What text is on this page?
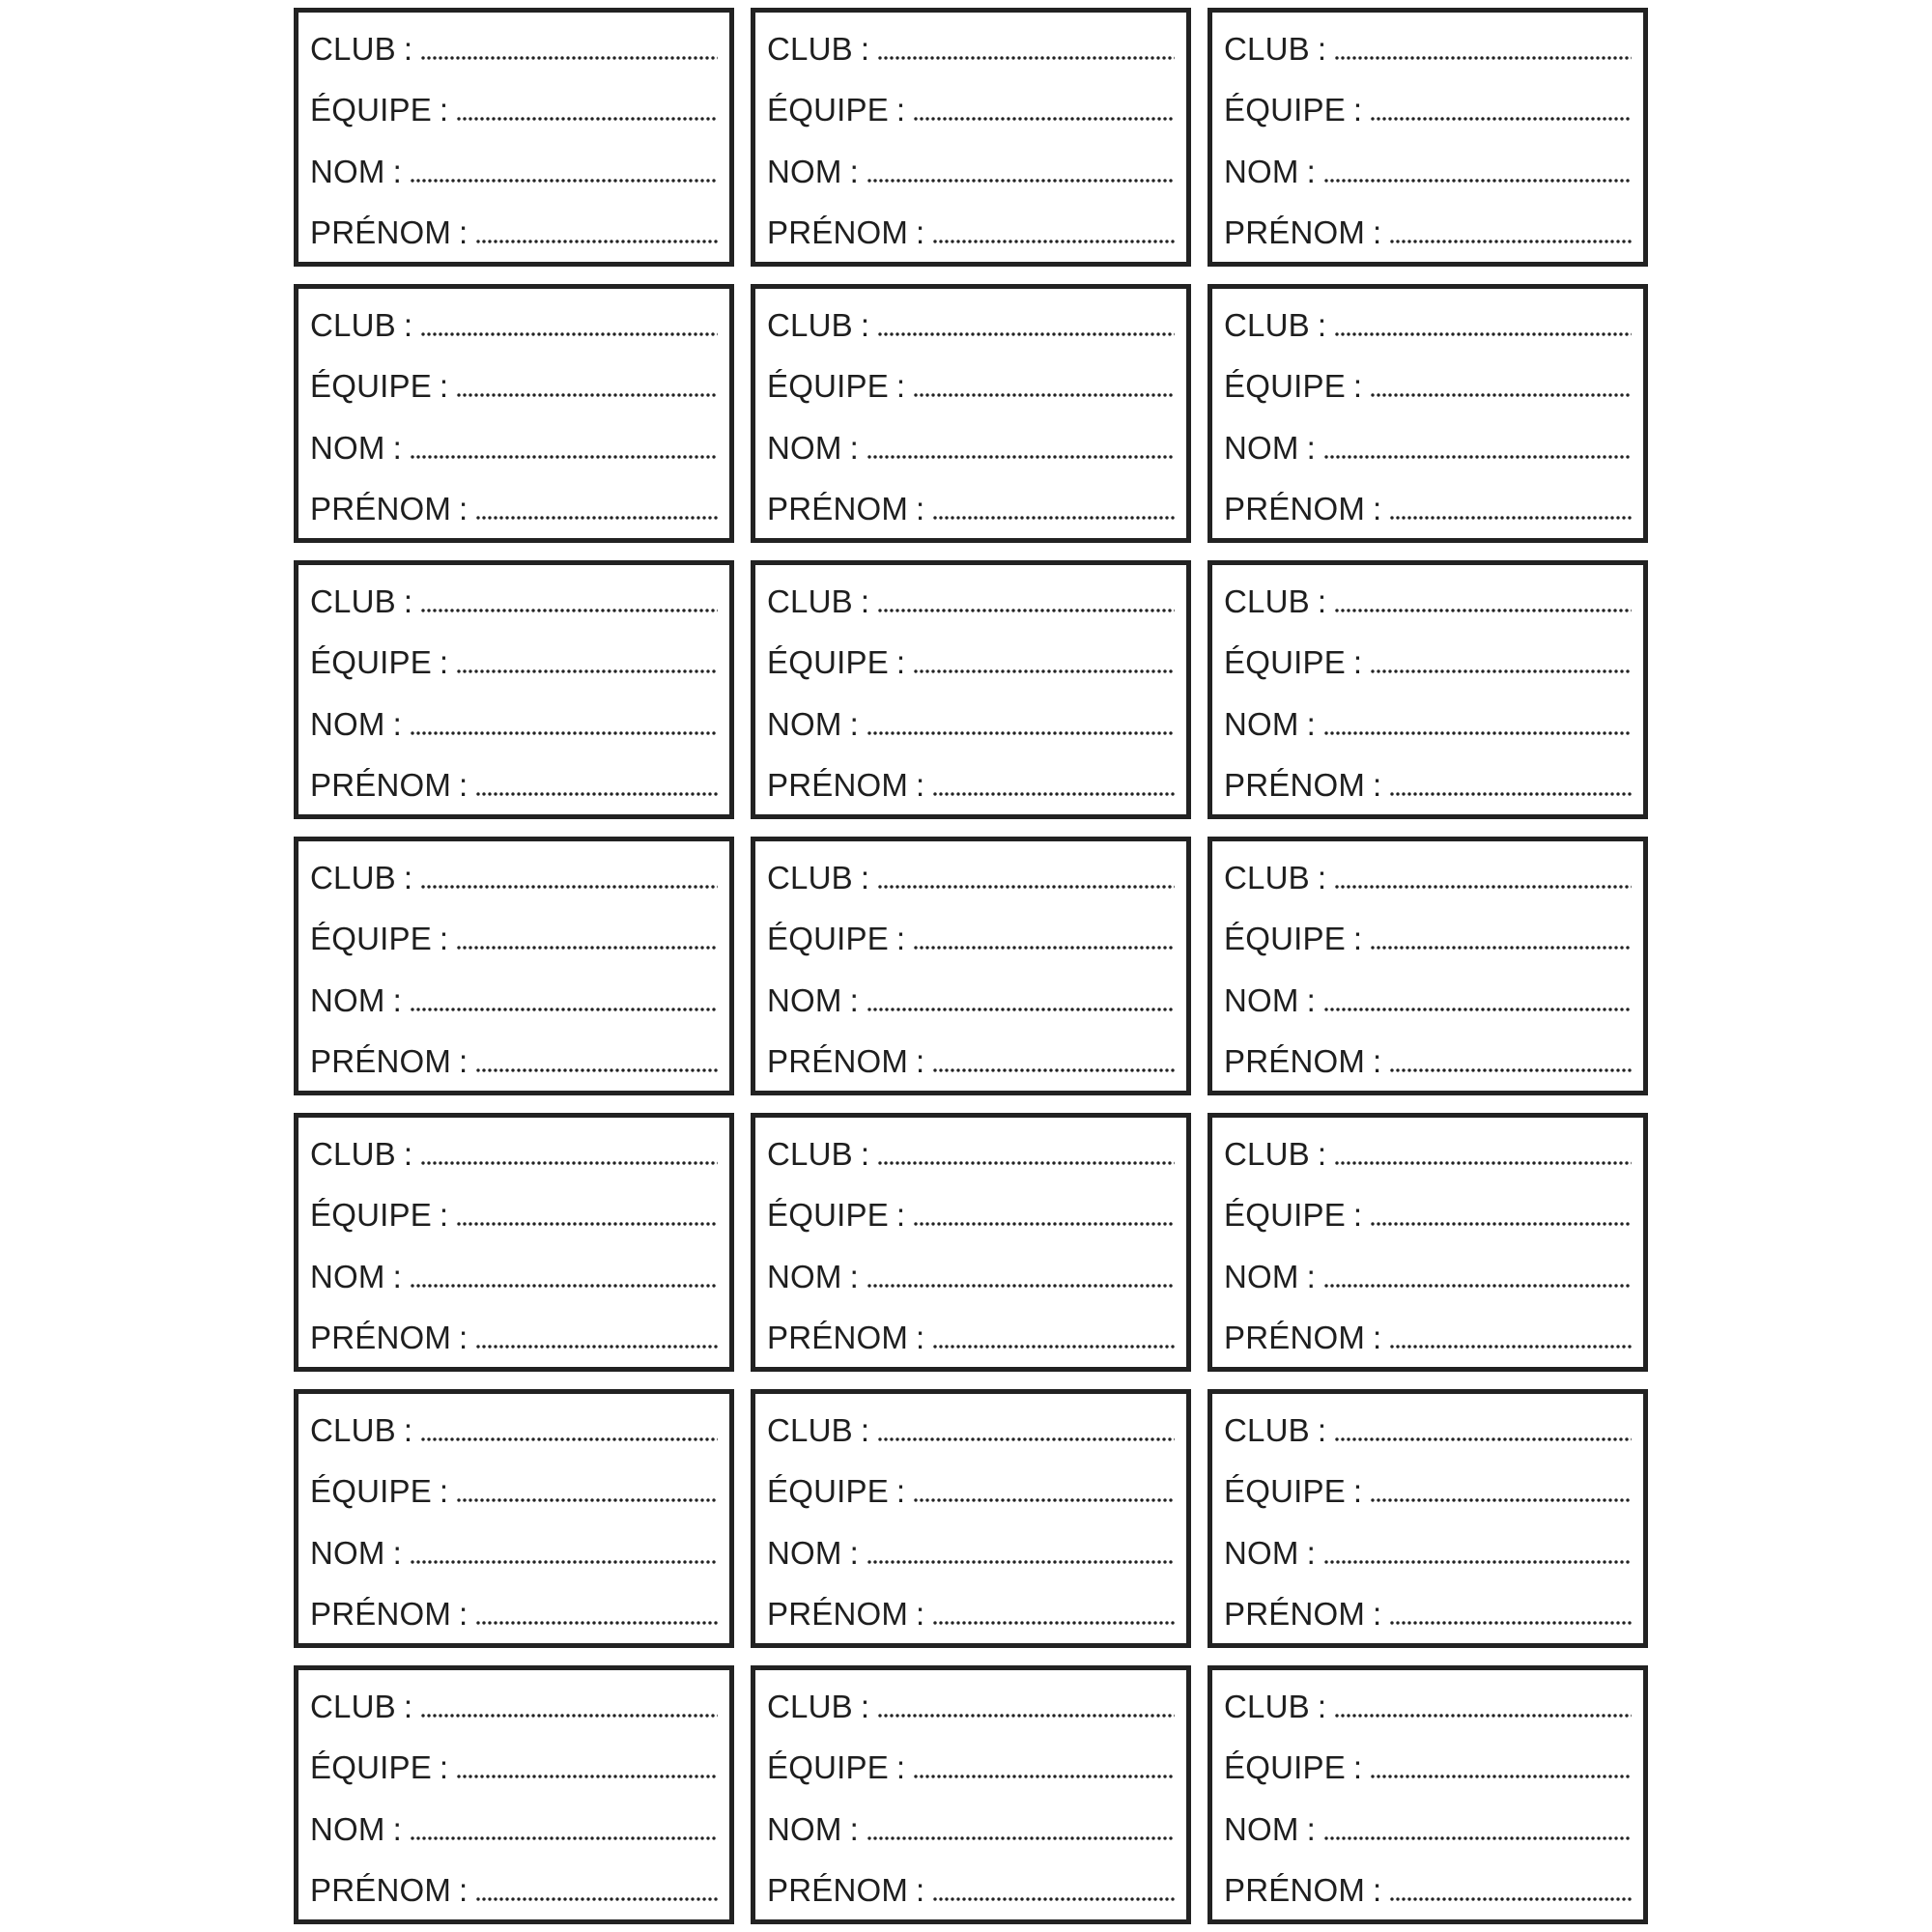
CLUB :
ÉQUIPE :
NOM :
PRÉNOM :
CLUB :
ÉQUIPE :
NOM :
PRÉNOM :
CLUB :
ÉQUIPE :
NOM :
PRÉNOM :
CLUB :
ÉQUIPE :
NOM :
PRÉNOM :
CLUB :
ÉQUIPE :
NOM :
PRÉNOM :
CLUB :
ÉQUIPE :
NOM :
PRÉNOM :
CLUB :
ÉQUIPE :
NOM :
PRÉNOM :
CLUB :
ÉQUIPE :
NOM :
PRÉNOM :
CLUB :
ÉQUIPE :
NOM :
PRÉNOM :
CLUB :
ÉQUIPE :
NOM :
PRÉNOM :
CLUB :
ÉQUIPE :
NOM :
PRÉNOM :
CLUB :
ÉQUIPE :
NOM :
PRÉNOM :
CLUB :
ÉQUIPE :
NOM :
PRÉNOM :
CLUB :
ÉQUIPE :
NOM :
PRÉNOM :
CLUB :
ÉQUIPE :
NOM :
PRÉNOM :
CLUB :
ÉQUIPE :
NOM :
PRÉNOM :
CLUB :
ÉQUIPE :
NOM :
PRÉNOM :
CLUB :
ÉQUIPE :
NOM :
PRÉNOM :
CLUB :
ÉQUIPE :
NOM :
PRÉNOM :
CLUB :
ÉQUIPE :
NOM :
PRÉNOM :
CLUB :
ÉQUIPE :
NOM :
PRÉNOM :
